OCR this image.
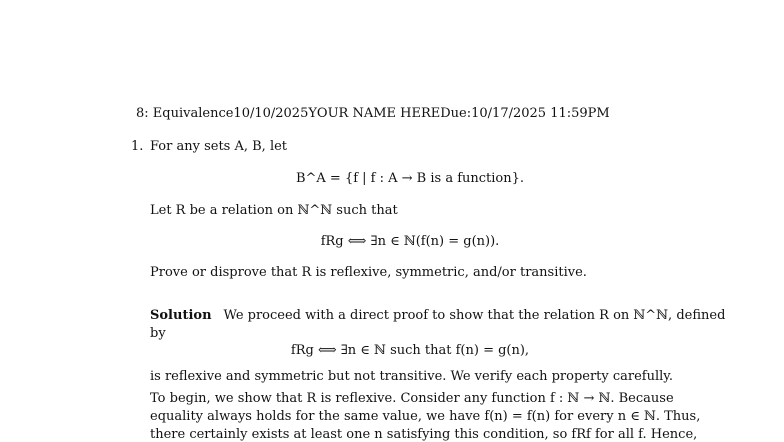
8: Equivalence10/10/2025YOUR NAME HEREDue:10/17/2025 11:59PM
1. For any sets A, B, let
B^A = {f | f : A → B is a function}.
Let R be a relation on ℕ^ℕ such that
fRg ⟺ ∃n ∈ ℕ(f(n) = g(n)).
Prove or disprove that R is reflexive, symmetric, and/or transitive.
Solution We proceed with a direct proof to show that the relation R on ℕ^ℕ, defined
by
fRg ⟺ ∃n ∈ ℕ such that f(n) = g(n),
is reflexive and symmetric but not transitive. We verify each property carefully.
To begin, we show that R is reflexive. Consider any function f : ℕ → ℕ. Because
equality always holds for the same value, we have f(n) = f(n) for every n ∈ ℕ. Thus,
there certainly exists at least one n satisfying this condition, so fRf for all f. Hence,
